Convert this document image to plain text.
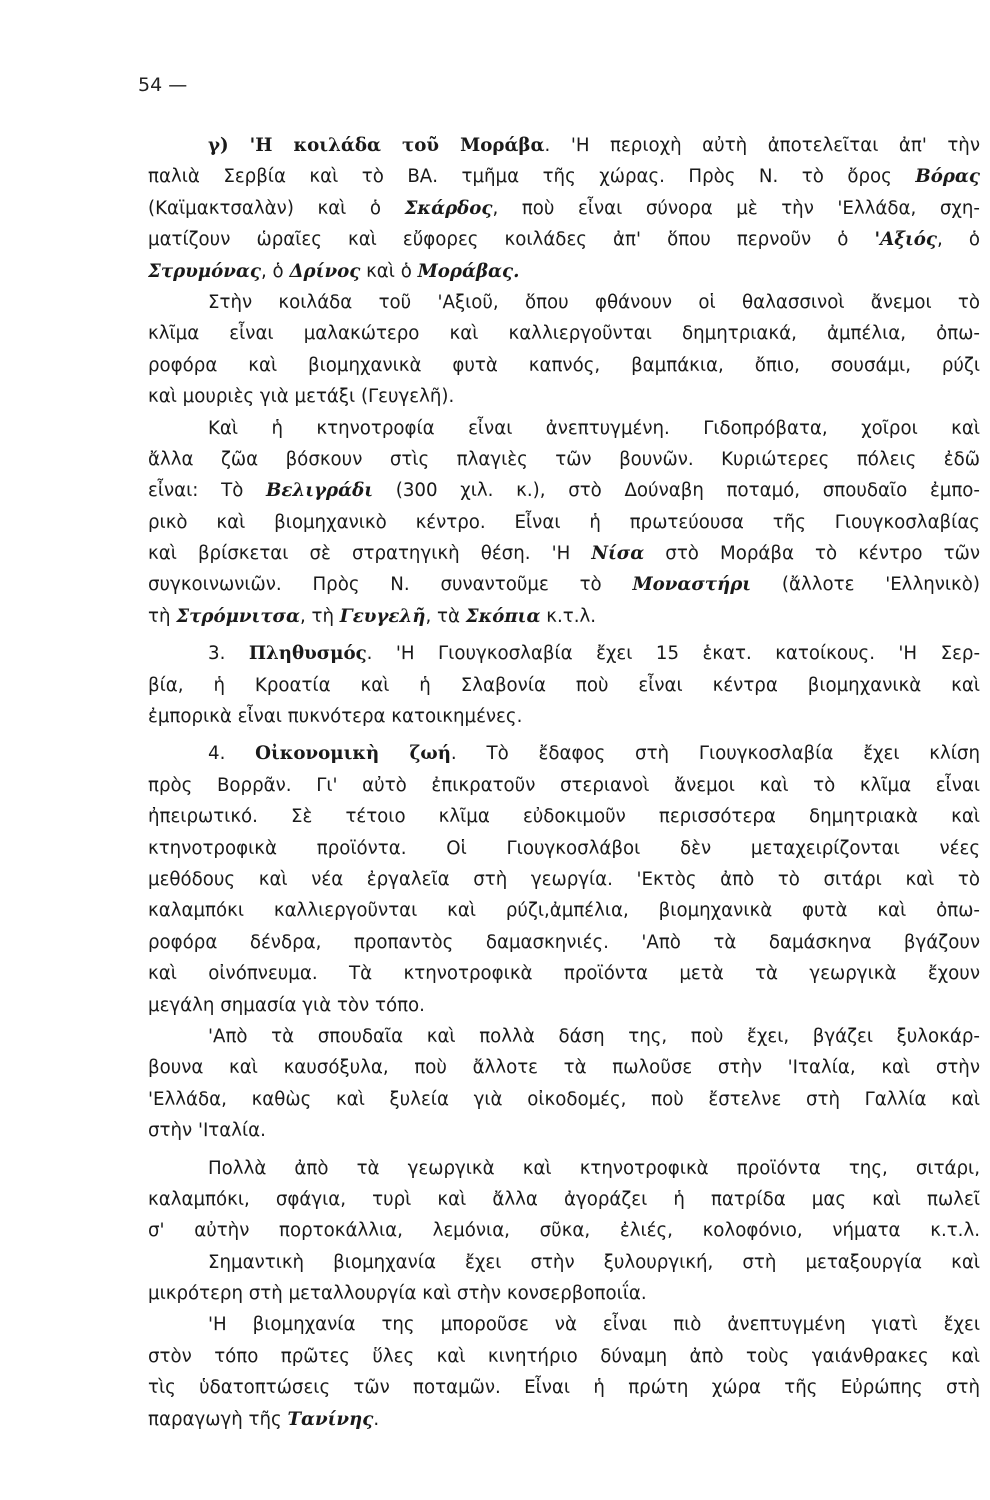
54 —
γ) 'Η κοιλάδα τοῦ Μοράβα. 'Η περιοχὴ αὐτὴ ἀποτελεῖται ἀπ' τὴν
παλιὰ Σερβία καὶ τὸ ΒΑ. τμῆμα τῆς χώρας. Πρὸς Ν. τὸ ὄρος Βόρας
(Καϊμακτσαλὰν) καὶ ὁ Σκάρδος, ποὺ εἶναι σύνορα μὲ τὴν 'Ελλάδα, σχη-
ματίζουν ὡραῖες καὶ εὔφορες κοιλάδες ἀπ' ὅπου περνοῦν ὁ 'Αξιός, ὁ
Στρυμόνας, ὁ Δρίνος καὶ ὁ Μοράβας.
Στὴν κοιλάδα τοῦ 'Αξιοῦ, ὅπου φθάνουν οἱ θαλασσινοὶ ἄνεμοι τὸ
κλῖμα εἶναι μαλακώτερο καὶ καλλιεργοῦνται δημητριακά, ἀμπέλια, ὀπω-
ροφόρα καὶ βιομηχανικὰ φυτὰ καπνός, βαμπάκια, ὄπιο, σουσάμι, ρύζι
καὶ μουριὲς γιὰ μετάξι (Γευγελῆ).
Καὶ ἡ κτηνοτροφία εἶναι ἀνεπτυγμένη. Γιδοπρόβατα, χοῖροι καὶ
ἄλλα ζῶα βόσκουν στὶς πλαγιὲς τῶν βουνῶν. Κυριώτερες πόλεις ἐδῶ
εἶναι: Τὸ Βελιγράδι (300 χιλ. κ.), στὸ Δούναβη ποταμό, σπουδαῖο ἐμπο-
ρικὸ καὶ βιομηχανικὸ κέντρο. Εἶναι ἡ πρωτεύουσα τῆς Γιουγκοσλαβίας
καὶ βρίσκεται σὲ στρατηγικὴ θέση. 'Η Νίσα στὸ Μοράβα τὸ κέντρο τῶν
συγκοινωνιῶν. Πρὸς Ν. συναντοῦμε τὸ Μοναστήρι (ἄλλοτε 'Ελληνικὸ)
τὴ Στρόμνιτσα, τὴ Γευγελῆ, τὰ Σκόπια κ.τ.λ.
3. Πληθυσμός. 'Η Γιουγκοσλαβία ἔχει 15 ἑκατ. κατοίκους. 'Η Σερ-
βία, ἡ Κροατία καὶ ἡ Σλαβονία ποὺ εἶναι κέντρα βιομηχανικὰ καὶ
ἐμπορικὰ εἶναι πυκνότερα κατοικημένες.
4. Οἰκονομικὴ ζωή. Τὸ ἔδαφος στὴ Γιουγκοσλαβία ἔχει κλίση
πρὸς Βορρᾶν. Γι' αὐτὸ ἐπικρατοῦν στεριανοὶ ἄνεμοι καὶ τὸ κλῖμα εἶναι
ἠπειρωτικό. Σὲ τέτοιο κλῖμα εὐδοκιμοῦν περισσότερα δημητριακὰ καὶ
κτηνοτροφικὰ προϊόντα. Οἱ Γιουγκοσλάβοι δὲν μεταχειρίζονται νέες
μεθόδους καὶ νέα ἐργαλεῖα στὴ γεωργία. 'Εκτὸς ἀπὸ τὸ σιτάρι καὶ τὸ
καλαμπόκι καλλιεργοῦνται καὶ ρύζι,ἀμπέλια, βιομηχανικὰ φυτὰ καὶ ὀπω-
ροφόρα δένδρα, προπαντὸς δαμασκηνιές. 'Απὸ τὰ δαμάσκηνα βγάζουν
καὶ οἰνόπνευμα. Τὰ κτηνοτροφικὰ προϊόντα μετὰ τὰ γεωργικὰ ἔχουν
μεγάλη σημασία γιὰ τὸν τόπο.
'Απὸ τὰ σπουδαῖα καὶ πολλὰ δάση της, ποὺ ἔχει, βγάζει ξυλοκάρ-
βουνα καὶ καυσόξυλα, ποὺ ἄλλοτε τὰ πωλοῦσε στὴν 'Ιταλία, καὶ στὴν
'Ελλάδα, καθὼς καὶ ξυλεία γιὰ οἰκοδομές, ποὺ ἔστελνε στὴ Γαλλία καὶ
στὴν 'Ιταλία.
Πολλὰ ἀπὸ τὰ γεωργικὰ καὶ κτηνοτροφικὰ προϊόντα της, σιτάρι,
καλαμπόκι, σφάγια, τυρὶ καὶ ἄλλα ἀγοράζει ἡ πατρίδα μας καὶ πωλεῖ
σ' αὐτὴν πορτοκάλλια, λεμόνια, σῦκα, ἐλιές, κολοφόνιο, νήματα κ.τ.λ.
Σημαντικὴ βιομηχανία ἔχει στὴν ξυλουργική, στὴ μεταξουργία καὶ
μικρότερη στὴ μεταλλουργία καὶ στὴν κονσερβοποιΐα.
'Η βιομηχανία της μποροῦσε νὰ εἶναι πιὸ ἀνεπτυγμένη γιατὶ ἔχει
στὸν τόπο πρῶτες ὕλες καὶ κινητήριο δύναμη ἀπὸ τοὺς γαιάνθρακες καὶ
τὶς ὑδατοπτώσεις τῶν ποταμῶν. Εἶναι ἡ πρώτη χώρα τῆς Εὐρώπης στὴ
παραγωγὴ τῆς Τανίνης.
